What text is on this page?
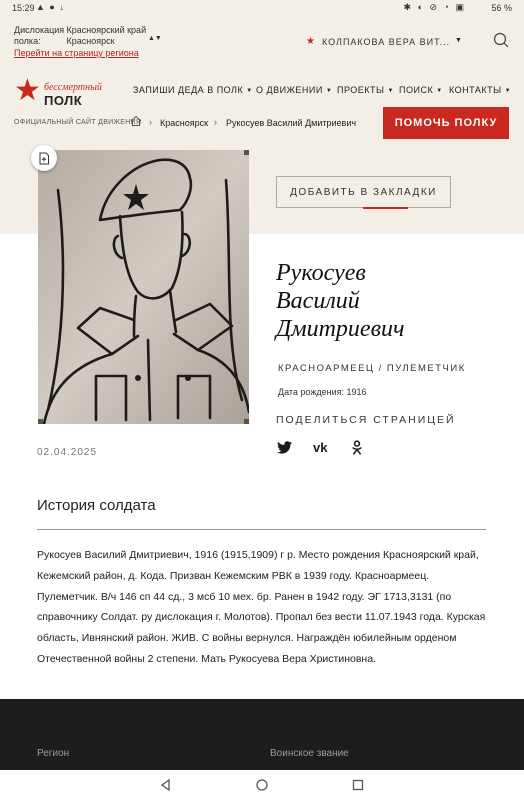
15:29 ▲ ● ↓	✱ ◐ ⊘ ◔ ▣	56 %
Дислокация полка: Красноярский край
Красноярск	▲▼
Перейти на страницу региона
★ КОЛПАКОВА ВЕРА ВИТ... ▼
★ бессмертный
ПОЛК
ЗАПИШИ ДЕДА В ПОЛК ▼ О ДВИЖЕНИИ ▼ ПРОЕКТЫ ▼ ПОИСК ▼ КОНТАКТЫ ▼
ОФИЦИАЛЬНЫЙ САЙТ ДВИЖЕНИЯ › Красноярск › Рукосуев Василий Дмитриевич	ПОМОЧЬ ПОЛКУ
ДОБАВИТЬ В ЗАКЛАДКИ
Рукосуев
Василий
Дмитриевич
КРАСНОАРМЕЕЦ / ПУЛЕМЕТЧИК
Дата рождения: 1916
ПОДЕЛИТЬСЯ СТРАНИЦЕЙ
vk
02.04.2025
История солдата
Рукосуев Василий Дмитриевич, 1916 (1915,1909) г р. Место рождения Красноярский край, Кежемский район, д. Кода. Призван Кежемским РВК в 1939 году. Красноармеец. Пулеметчик. В/ч 146 сп 44 сд., 3 мсб 10 мех. бр. Ранен в 1942 году. ЭГ 1713,3131 (по справочнику Солдат. ру дислокация г. Молотов). Пропал без вести 11.07.1943 года. Курская область, Ивнянский район. ЖИВ. С войны вернулся. Награждён юбилейным орденом Отечественной войны 2 степени. Мать Рукосуева Вера Христиновна.
Регион	Воинское звание
